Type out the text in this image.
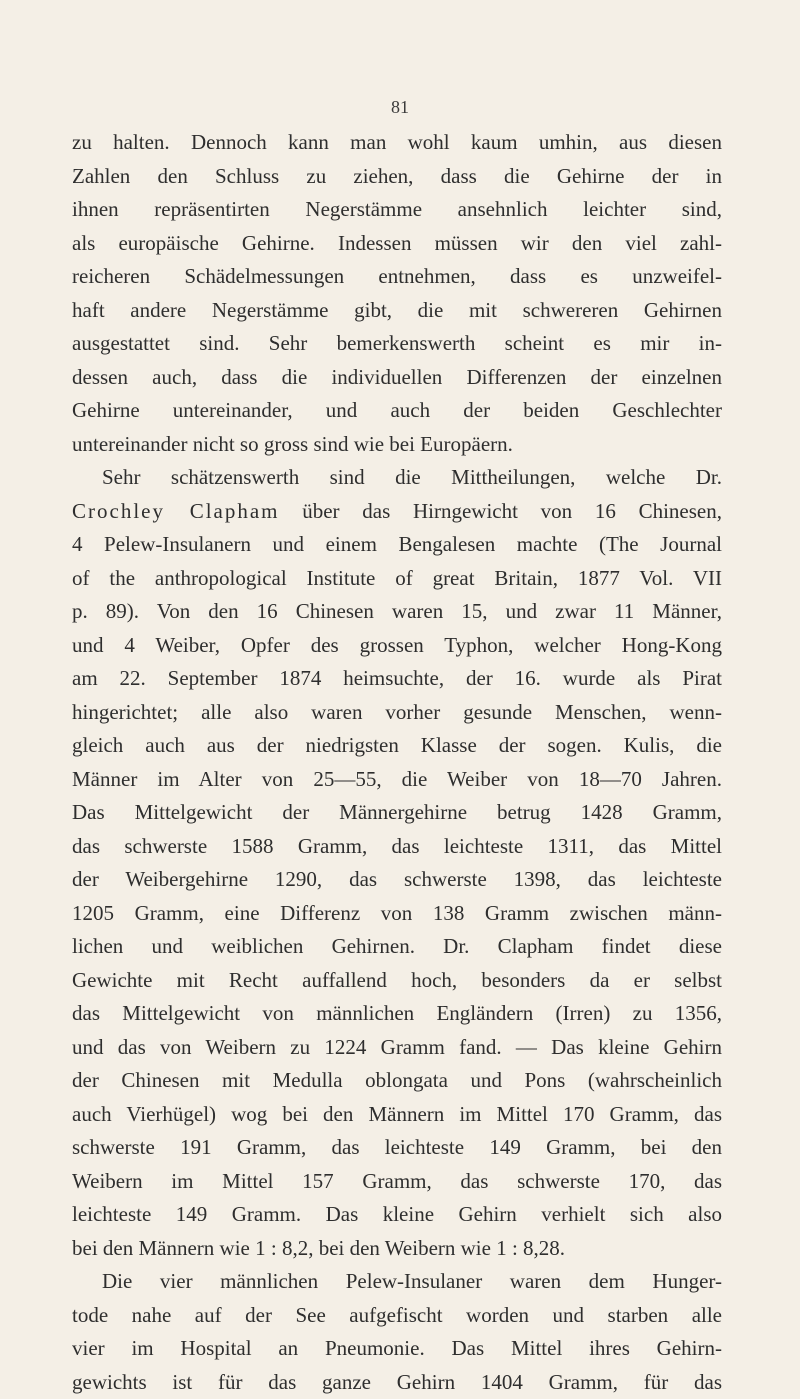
81
zu halten. Dennoch kann man wohl kaum umhin, aus diesen
Zahlen den Schluss zu ziehen, dass die Gehirne der in
ihnen repräsentirten Negerstämme ansehnlich leichter sind,
als europäische Gehirne. Indessen müssen wir den viel zahl-
reicheren Schädelmessungen entnehmen, dass es unzweifel-
haft andere Negerstämme gibt, die mit schwereren Gehirnen
ausgestattet sind. Sehr bemerkenswerth scheint es mir in-
dessen auch, dass die individuellen Differenzen der einzelnen
Gehirne untereinander, und auch der beiden Geschlechter
untereinander nicht so gross sind wie bei Europäern.
Sehr schätzenswerth sind die Mittheilungen, welche Dr.
Crochley Clapham über das Hirngewicht von 16 Chinesen,
4 Pelew-Insulanern und einem Bengalesen machte (The Journal
of the anthropological Institute of great Britain, 1877 Vol. VII
p. 89). Von den 16 Chinesen waren 15, und zwar 11 Männer,
und 4 Weiber, Opfer des grossen Typhon, welcher Hong-Kong
am 22. September 1874 heimsuchte, der 16. wurde als Pirat
hingerichtet; alle also waren vorher gesunde Menschen, wenn-
gleich auch aus der niedrigsten Klasse der sogen. Kulis, die
Männer im Alter von 25—55, die Weiber von 18—70 Jahren.
Das Mittelgewicht der Männergehirne betrug 1428 Gramm,
das schwerste 1588 Gramm, das leichteste 1311, das Mittel
der Weibergehirne 1290, das schwerste 1398, das leichteste
1205 Gramm, eine Differenz von 138 Gramm zwischen männ-
lichen und weiblichen Gehirnen. Dr. Clapham findet diese
Gewichte mit Recht auffallend hoch, besonders da er selbst
das Mittelgewicht von männlichen Engländern (Irren) zu 1356,
und das von Weibern zu 1224 Gramm fand. — Das kleine Gehirn
der Chinesen mit Medulla oblongata und Pons (wahrscheinlich
auch Vierhügel) wog bei den Männern im Mittel 170 Gramm, das
schwerste 191 Gramm, das leichteste 149 Gramm, bei den
Weibern im Mittel 157 Gramm, das schwerste 170, das
leichteste 149 Gramm. Das kleine Gehirn verhielt sich also
bei den Männern wie 1 : 8,2, bei den Weibern wie 1 : 8,28.
Die vier männlichen Pelew-Insulaner waren dem Hunger-
tode nahe auf der See aufgefischt worden und starben alle
vier im Hospital an Pneumonie. Das Mittel ihres Gehirn-
gewichts ist für das ganze Gehirn 1404 Gramm, für das
